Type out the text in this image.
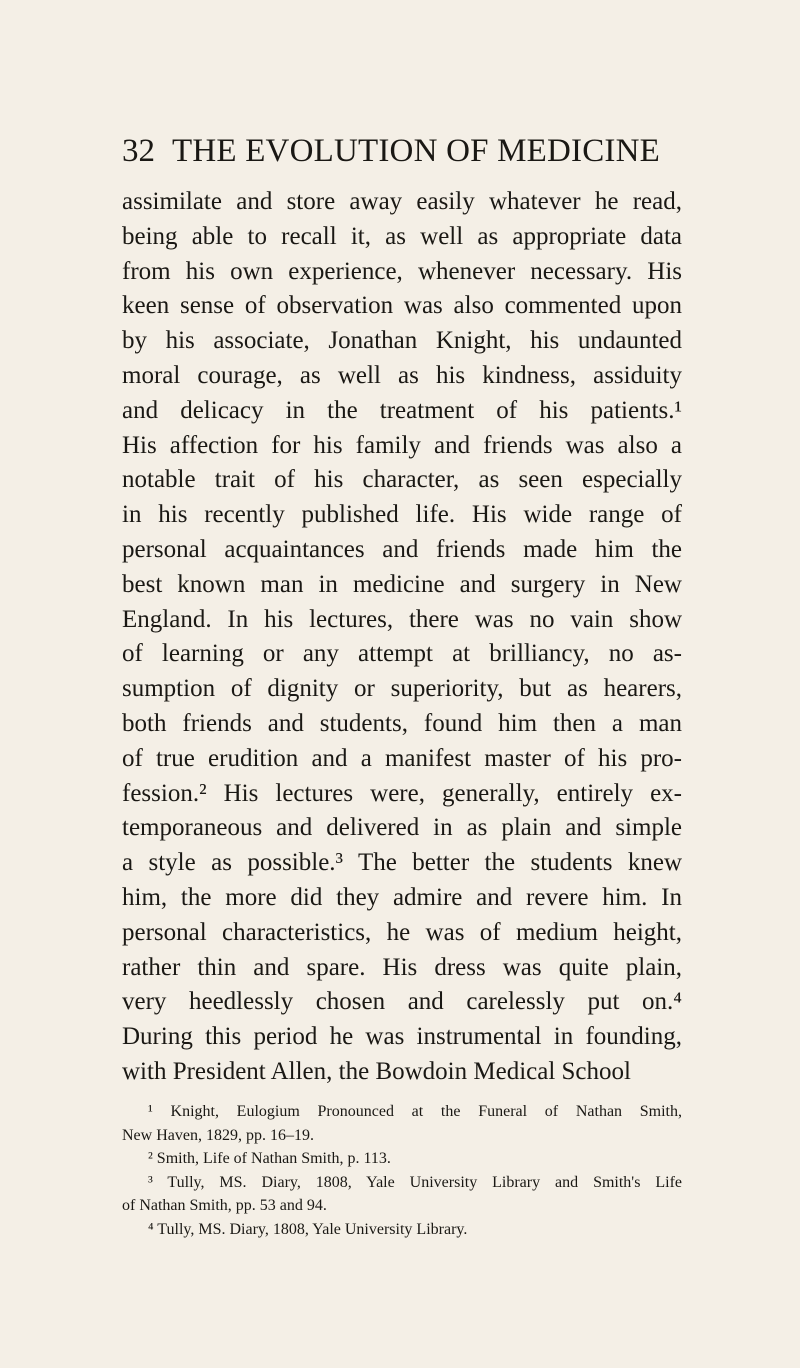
32 THE EVOLUTION OF MEDICINE
assimilate and store away easily whatever he read,
being able to recall it, as well as appropriate data
from his own experience, whenever necessary. His
keen sense of observation was also commented upon
by his associate, Jonathan Knight, his undaunted
moral courage, as well as his kindness, assiduity
and delicacy in the treatment of his patients.¹
His affection for his family and friends was also a
notable trait of his character, as seen especially
in his recently published life. His wide range of
personal acquaintances and friends made him the
best known man in medicine and surgery in New
England. In his lectures, there was no vain show
of learning or any attempt at brilliancy, no as-
sumption of dignity or superiority, but as hearers,
both friends and students, found him then a man
of true erudition and a manifest master of his pro-
fession.² His lectures were, generally, entirely ex-
temporaneous and delivered in as plain and simple
a style as possible.³ The better the students knew
him, the more did they admire and revere him. In
personal characteristics, he was of medium height,
rather thin and spare. His dress was quite plain,
very heedlessly chosen and carelessly put on.⁴
During this period he was instrumental in founding,
with President Allen, the Bowdoin Medical School
¹ Knight, Eulogium Pronounced at the Funeral of Nathan Smith,
New Haven, 1829, pp. 16–19.
² Smith, Life of Nathan Smith, p. 113.
³ Tully, MS. Diary, 1808, Yale University Library and Smith's Life
of Nathan Smith, pp. 53 and 94.
⁴ Tully, MS. Diary, 1808, Yale University Library.
